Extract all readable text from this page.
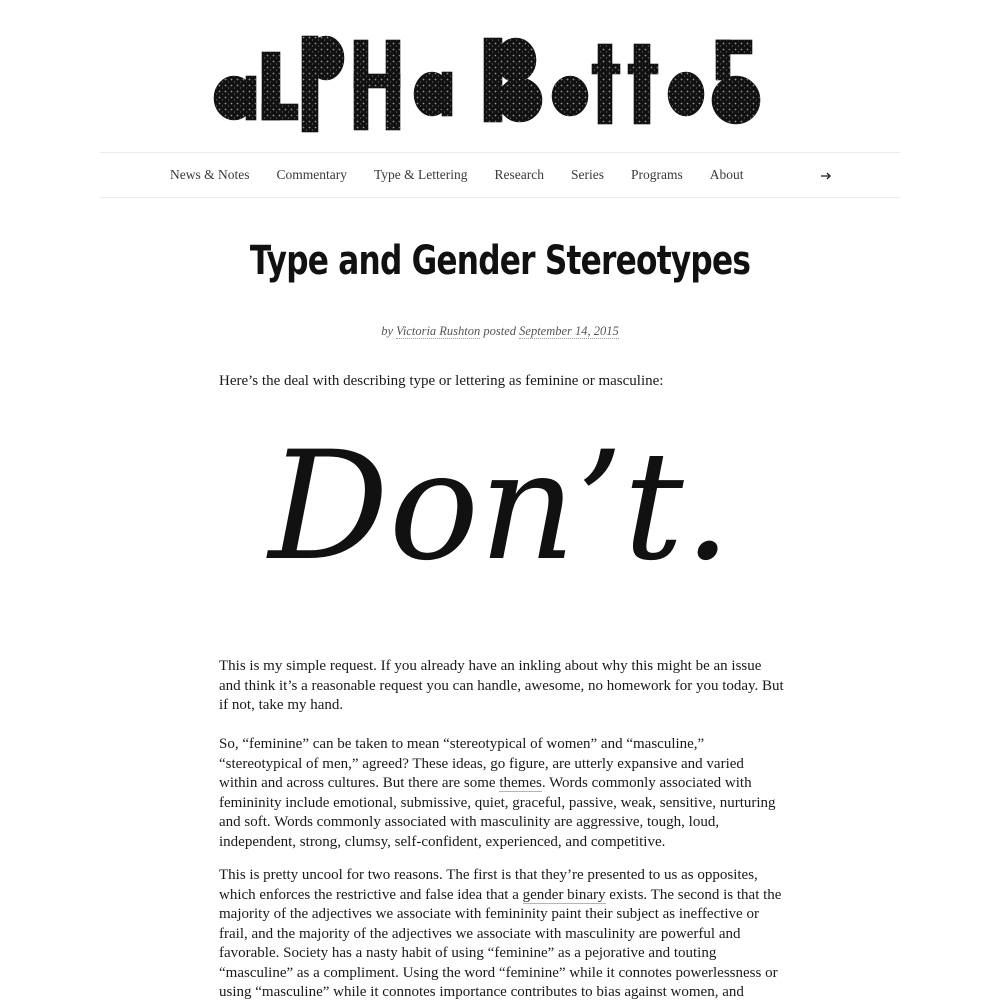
News & Notes Commentary Type & Lettering Research Series Programs About
Type and Gender Stereotypes
by Victoria Rushton posted September 14, 2015
Don’t.

Here’s the deal with describing type or lettering as feminine or masculine:

This is my simple request. If you already have an inkling about why this might be an issue and think it’s a reasonable request you can handle, awesome, no homework for you today. But if not, take my hand.

So, “feminine” can be taken to mean “stereotypical of women” and “masculine,” “stereotypical of men,” agreed? These ideas, go figure, are utterly expansive and varied within and across cultures. But there are some themes. Words commonly associated with femininity include emotional, submissive, quiet, graceful, passive, weak, sensitive, nurturing and soft. Words commonly associated with masculinity are aggressive, tough, loud, independent, strong, clumsy, self-confident, experienced, and competitive.

This is pretty uncool for two reasons. The first is that they’re presented to us as opposites, which enforces the restrictive and false idea that a gender binary exists. The second is that the majority of the adjectives we associate with femininity paint their subject as ineffective or frail, and the majority of the adjectives we associate with masculinity are powerful and favorable. Society has a nasty habit of using “feminine” as a pejorative and touting “masculine” as a compliment. Using the word “feminine” while it connotes powerlessness or using “masculine” while it connotes importance contributes to bias against women, and
